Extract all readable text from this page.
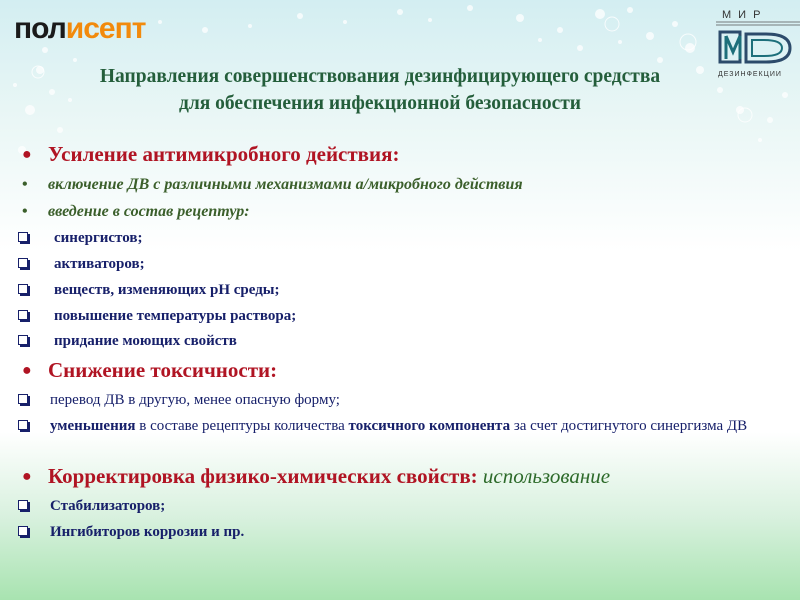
полисепт	МИР
ДЕЗИНФЕКЦИИ
Направления совершенствования дезинфицирующего средства
для обеспечения инфекционной безопасности
● Усиление антимикробного действия:
• включение ДВ с различными механизмами а/микробного действия
• введение в состав рецептур:
синергистов;
активаторов;
веществ, изменяющих pH среды;
повышение температуры раствора;
придание моющих свойств
● Снижение токсичности:
перевод ДВ в другую, менее опасную форму;
уменьшения в составе рецептуры количества токсичного компонента за счет достигнутого синергизма ДВ
● Корректировка физико-химических свойств: использование
Стабилизаторов;
Ингибиторов коррозии и пр.
